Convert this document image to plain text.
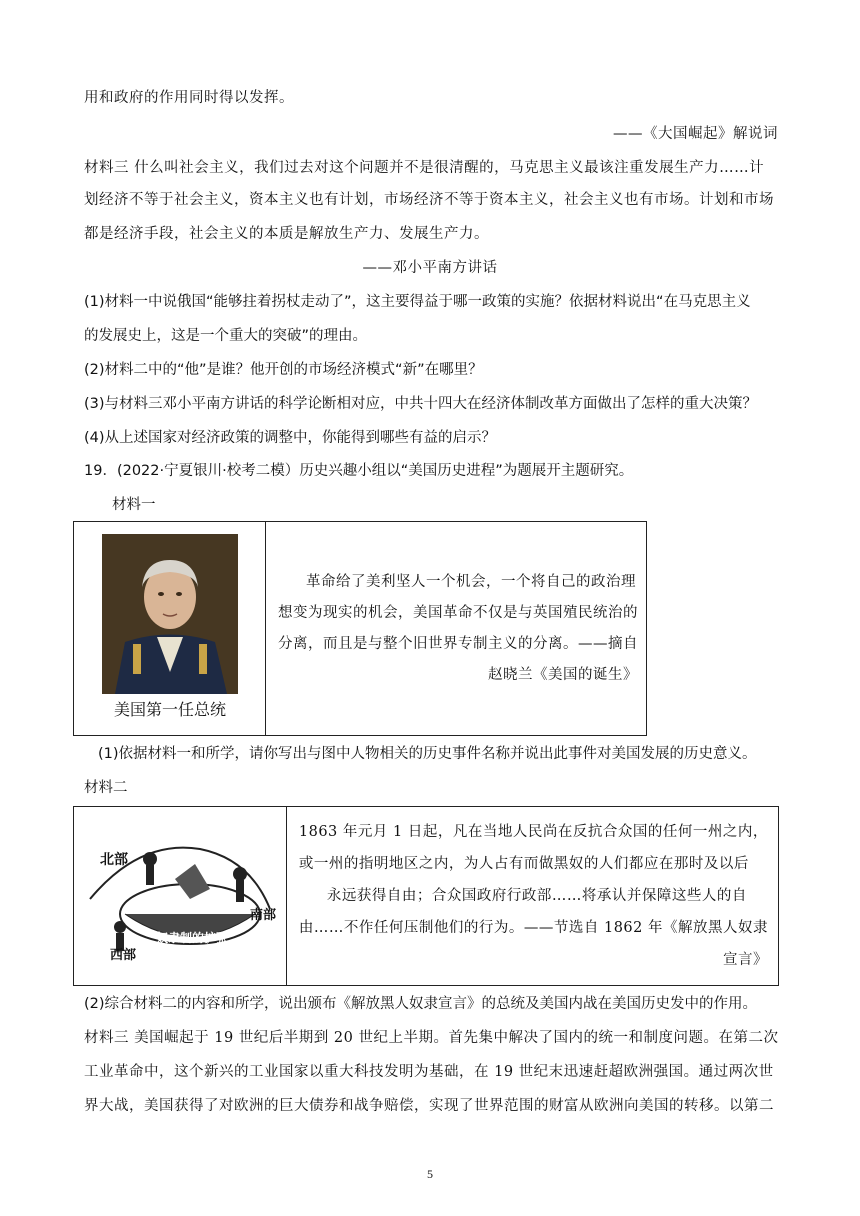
用和政府的作用同时得以发挥。
——《大国崛起》解说词
材料三 什么叫社会主义，我们过去对这个问题并不是很清醒的，马克思主义最该注重发展生产力……计
划经济不等于社会主义，资本主义也有计划，市场经济不等于资本主义，社会主义也有市场。计划和市场
都是经济手段，社会主义的本质是解放生产力、发展生产力。
——邓小平南方讲话
(1)材料一中说俄国“能够拄着拐杖走动了”，这主要得益于哪一政策的实施？依据材料说出“在马克思主义
的发展史上，这是一个重大的突破”的理由。
(2)材料二中的“他”是谁？他开创的市场经济模式“新”在哪里？
(3)与材料三邓小平南方讲话的科学论断相对应，中共十四大在经济体制改革方面做出了怎样的重大决策？
(4)从上述国家对经济政策的调整中，你能得到哪些有益的启示？
19．(2022·宁夏银川·校考二模）历史兴趣小组以“美国历史进程”为题展开主题研究。
材料一
美国第一任总统

革命给了美利坚人一个机会，一个将自己的政治理
想变为现实的机会，美国革命不仅是与英国殖民统治的
分离，而且是与整个旧世界专制主义的分离。——摘自
赵晓兰《美国的诞生》
(1)依据材料一和所学，请你写出与图中人物相关的历史事件名称并说出此事件对美国发展的历史意义。
材料二
北部
南部
西部
奴隶制的扩张

1863 年元月 1 日起，凡在当地人民尚在反抗合众国的任何一州之内，
或一州的指明地区之内，为人占有而做黑奴的人们都应在那时及以后
永远获得自由；合众国政府行政部……将承认并保障这些人的自
由……不作任何压制他们的行为。——节选自 1862 年《解放黑人奴隶
宣言》
(2)综合材料二的内容和所学，说出颁布《解放黑人奴隶宣言》的总统及美国内战在美国历史发中的作用。
材料三 美国崛起于 19 世纪后半期到 20 世纪上半期。首先集中解决了国内的统一和制度问题。在第二次
工业革命中，这个新兴的工业国家以重大科技发明为基础，在 19 世纪末迅速赶超欧洲强国。通过两次世
界大战，美国获得了对欧洲的巨大债券和战争赔偿，实现了世界范围的财富从欧洲向美国的转移。以第二
5
